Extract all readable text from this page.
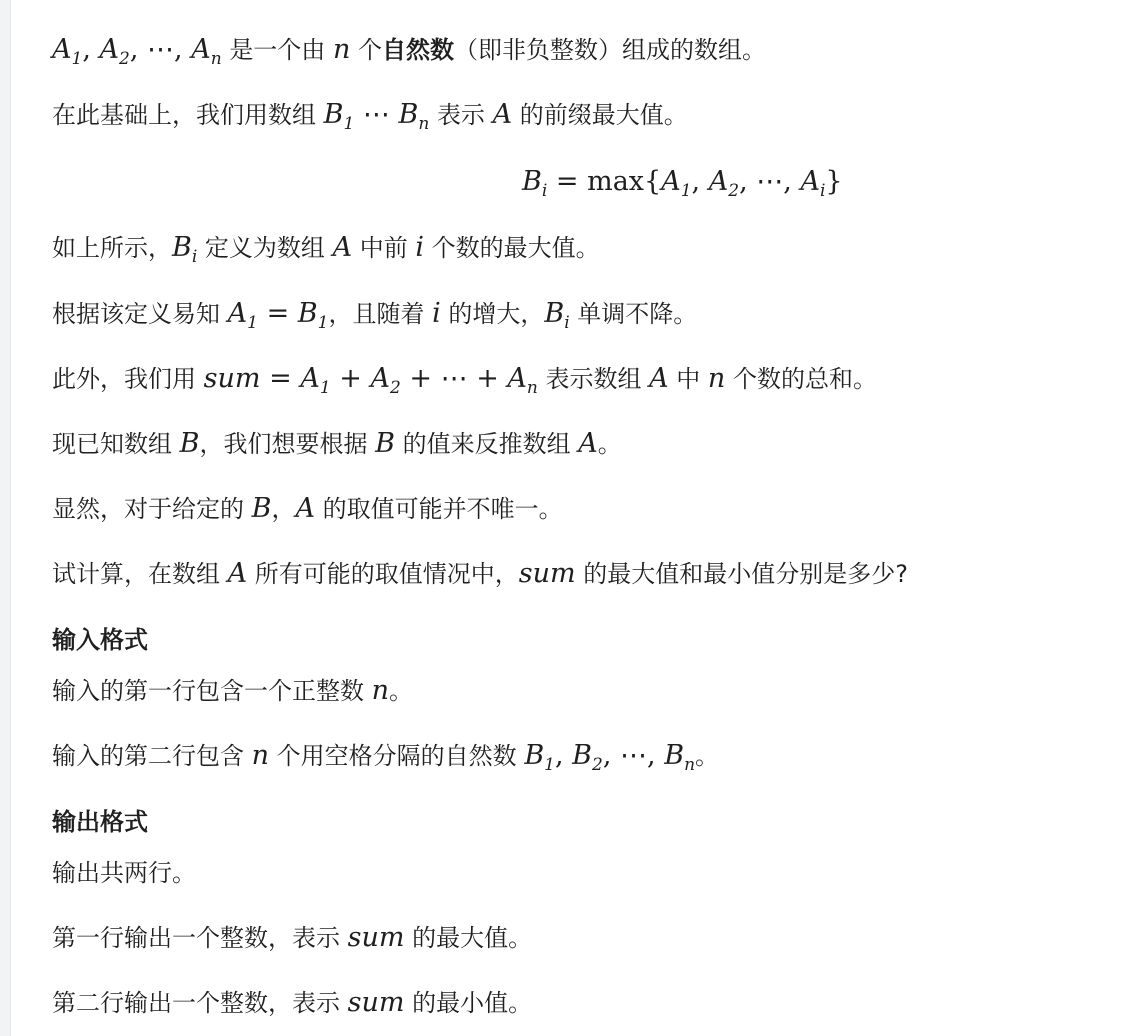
$A_1$, $A_2$, ⋯, $A_n$ 是一个由 n 个自然数（即非负整数）组成的数组。
在此基础上，我们用数组 $B_1$ ⋯ $B_n$ 表示 A 的前缀最大值。
$B_i = \max\{A_1$, $A_2$, ⋯, $A_i$}
如上所示，$B_i$ 定义为数组 A 中前 i 个数的最大值。
根据该定义易知 $A_1 = B_1$，且随着 i 的增大，$B_i$ 单调不降。
此外，我们用 sum = $A_1 + A_2$ + ⋯ + $A_n$ 表示数组 A 中 n 个数的总和。
现已知数组 B，我们想要根据 B 的值来反推数组 A。
显然，对于给定的 B，A 的取值可能并不唯一。
试计算，在数组 A 所有可能的取值情况中，sum 的最大值和最小值分别是多少?
输入格式
输入的第一行包含一个正整数 n。
输入的第二行包含 n 个用空格分隔的自然数 $B_1$, $B_2$, ⋯, $B_n$。
输出格式
输出共两行。
第一行输出一个整数，表示 sum 的最大值。
第二行输出一个整数，表示 sum 的最小值。
